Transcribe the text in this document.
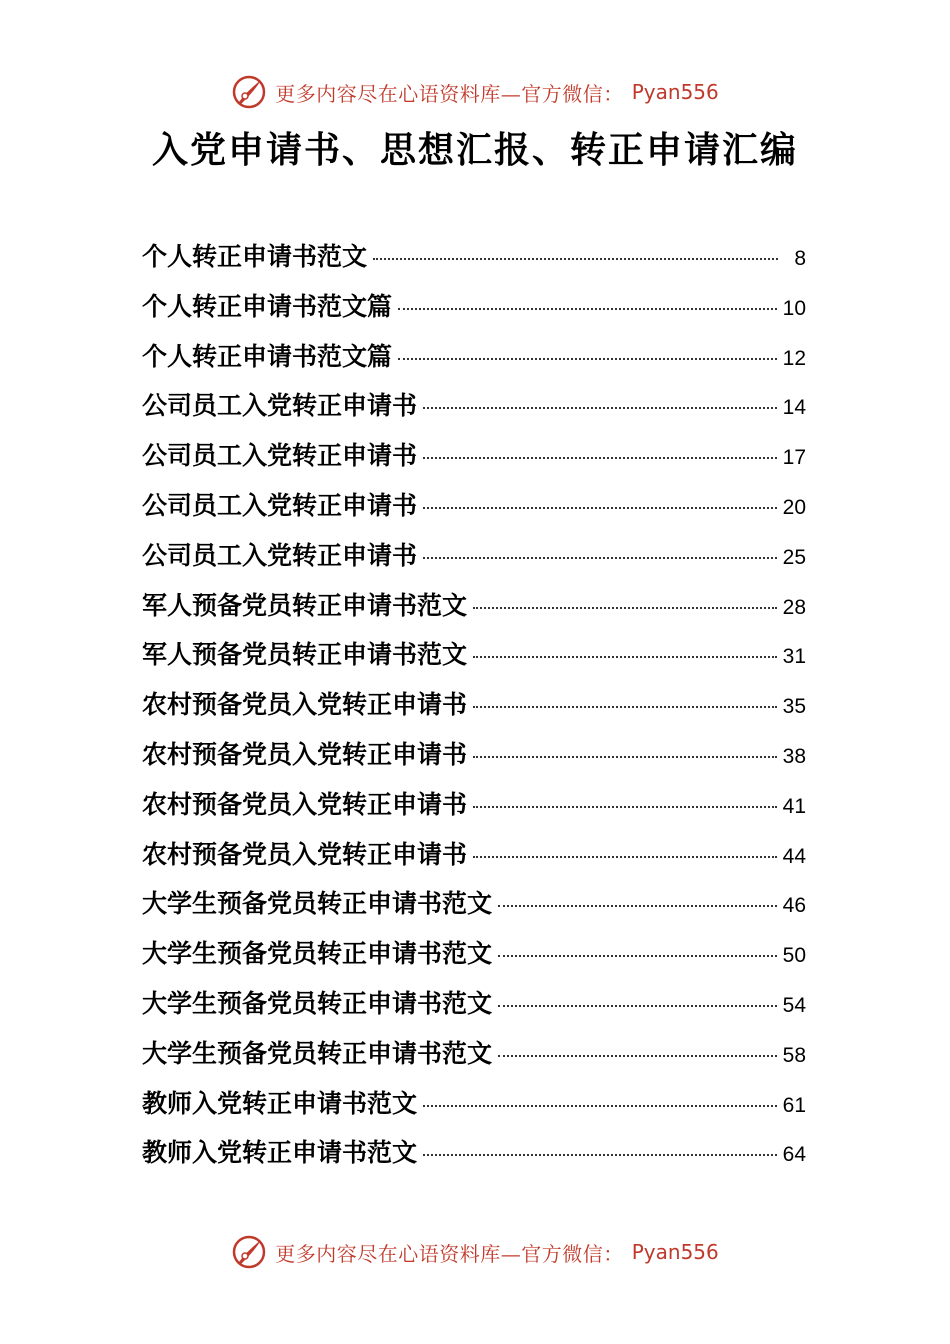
更多内容尽在心语资料库—官方微信： Pyan556
入党申请书、思想汇报、转正申请汇编
个人转正申请书范文	8
个人转正申请书范文篇	10
个人转正申请书范文篇	12
公司员工入党转正申请书	14
公司员工入党转正申请书	17
公司员工入党转正申请书	20
公司员工入党转正申请书	25
军人预备党员转正申请书范文	28
军人预备党员转正申请书范文	31
农村预备党员入党转正申请书	35
农村预备党员入党转正申请书	38
农村预备党员入党转正申请书	41
农村预备党员入党转正申请书	44
大学生预备党员转正申请书范文	46
大学生预备党员转正申请书范文	50
大学生预备党员转正申请书范文	54
大学生预备党员转正申请书范文	58
教师入党转正申请书范文	61
教师入党转正申请书范文	64
更多内容尽在心语资料库—官方微信： Pyan556
